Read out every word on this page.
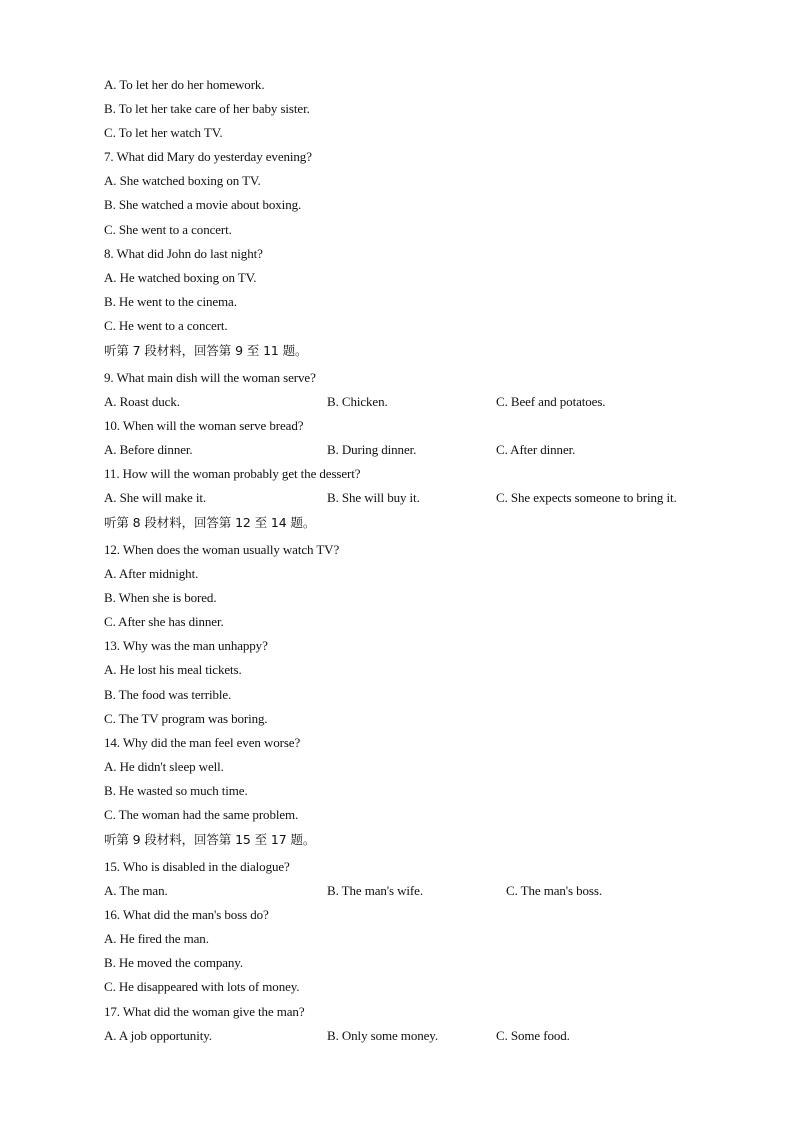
A. To let her do her homework.
B. To let her take care of her baby sister.
C. To let her watch TV.
7. What did Mary do yesterday evening?
A. She watched boxing on TV.
B. She watched a movie about boxing.
C. She went to a concert.
8. What did John do last night?
A. He watched boxing on TV.
B. He went to the cinema.
C. He went to a concert.
听第 7 段材料，回答第 9 至 11 题。
9. What main dish will the woman serve?
A. Roast duck.	B. Chicken.	C. Beef and potatoes.
10. When will the woman serve bread?
A. Before dinner.	B. During dinner.	C. After dinner.
11. How will the woman probably get the dessert?
A. She will make it.	B. She will buy it.	C. She expects someone to bring it.
听第 8 段材料，回答第 12 至 14 题。
12. When does the woman usually watch TV?
A. After midnight.
B. When she is bored.
C. After she has dinner.
13. Why was the man unhappy?
A. He lost his meal tickets.
B. The food was terrible.
C. The TV program was boring.
14. Why did the man feel even worse?
A. He didn't sleep well.
B. He wasted so much time.
C. The woman had the same problem.
听第 9 段材料，回答第 15 至 17 题。
15. Who is disabled in the dialogue?
A. The man.	B. The man's wife.	C. The man's boss.
16. What did the man's boss do?
A. He fired the man.
B. He moved the company.
C. He disappeared with lots of money.
17. What did the woman give the man?
A. A job opportunity.	B. Only some money.	C. Some food.
